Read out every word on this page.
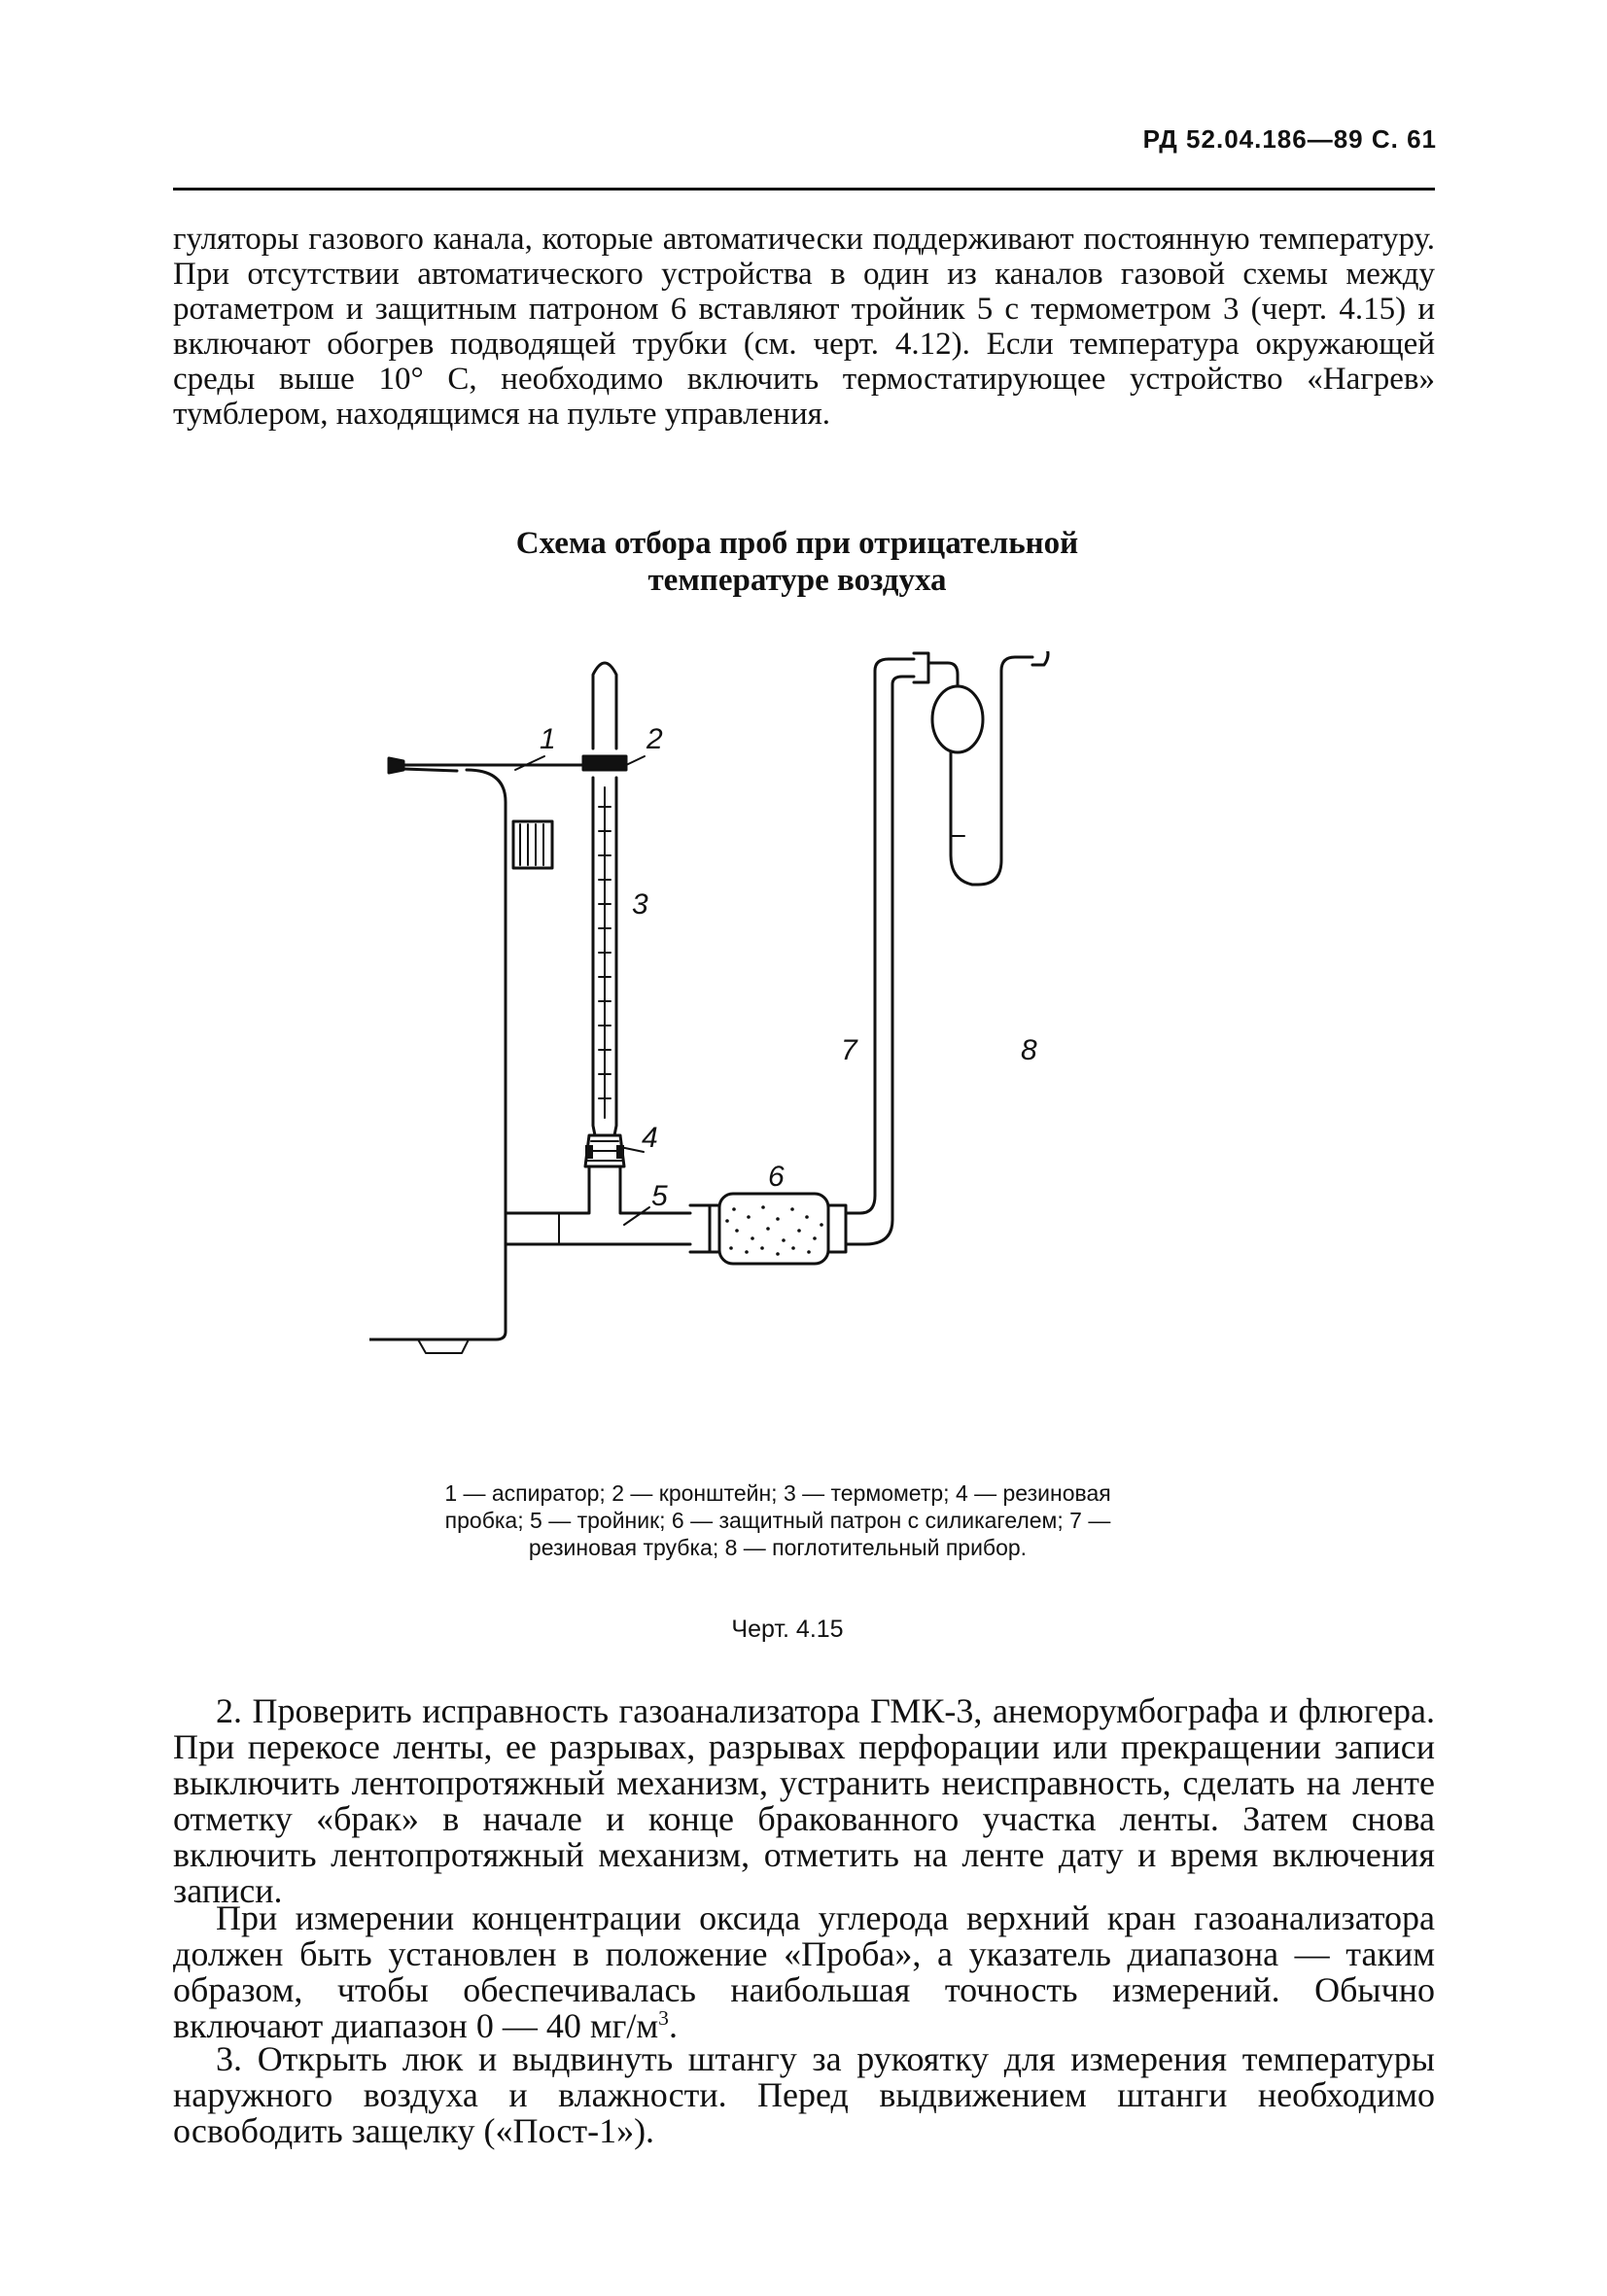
РД 52.04.186—89 С. 61

гуляторы газового канала, которые автоматически поддерживают постоянную температуру. При отсутствии автоматического устройства в один из каналов газовой схемы между ротаметром и защитным патроном 6 вставляют тройник 5 с термометром 3 (черт. 4.15) и включают обогрев подводящей трубки (см. черт. 4.12). Если температура окружающей среды выше 10° С, необходимо включить термостатирующее устройство «Нагрев» тумблером, находящимся на пульте управления.

Схема отбора проб при отрицательной
температуре воздуха
1	2
3
4
5
6
7	8
1 — аспиратор; 2 — кронштейн; 3 — термометр; 4 — резиновая пробка; 5 — тройник; 6 — защитный патрон с силикагелем; 7 — резиновая трубка; 8 — поглотительный прибор.
Черт. 4.15

2. Проверить исправность газоанализатора ГМК-3, анеморумбографа и флюгера. При перекосе ленты, ее разрывах, разрывах перфорации или прекращении записи выключить лентопротяжный механизм, устранить неисправность, сделать на ленте отметку «брак» в начале и конце бракованного участка ленты. Затем снова включить лентопротяжный механизм, отметить на ленте дату и время включения записи.

При измерении концентрации оксида углерода верхний кран газоанализатора должен быть установлен в положение «Проба», а указатель диапазона — таким образом, чтобы обеспечивалась наибольшая точность измерений. Обычно включают диапазон 0 — 40 $мг/м^3$.

3. Открыть люк и выдвинуть штангу за рукоятку для измерения температуры наружного воздуха и влажности. Перед выдвижением штанги необходимо освободить защелку («Пост-1»).
